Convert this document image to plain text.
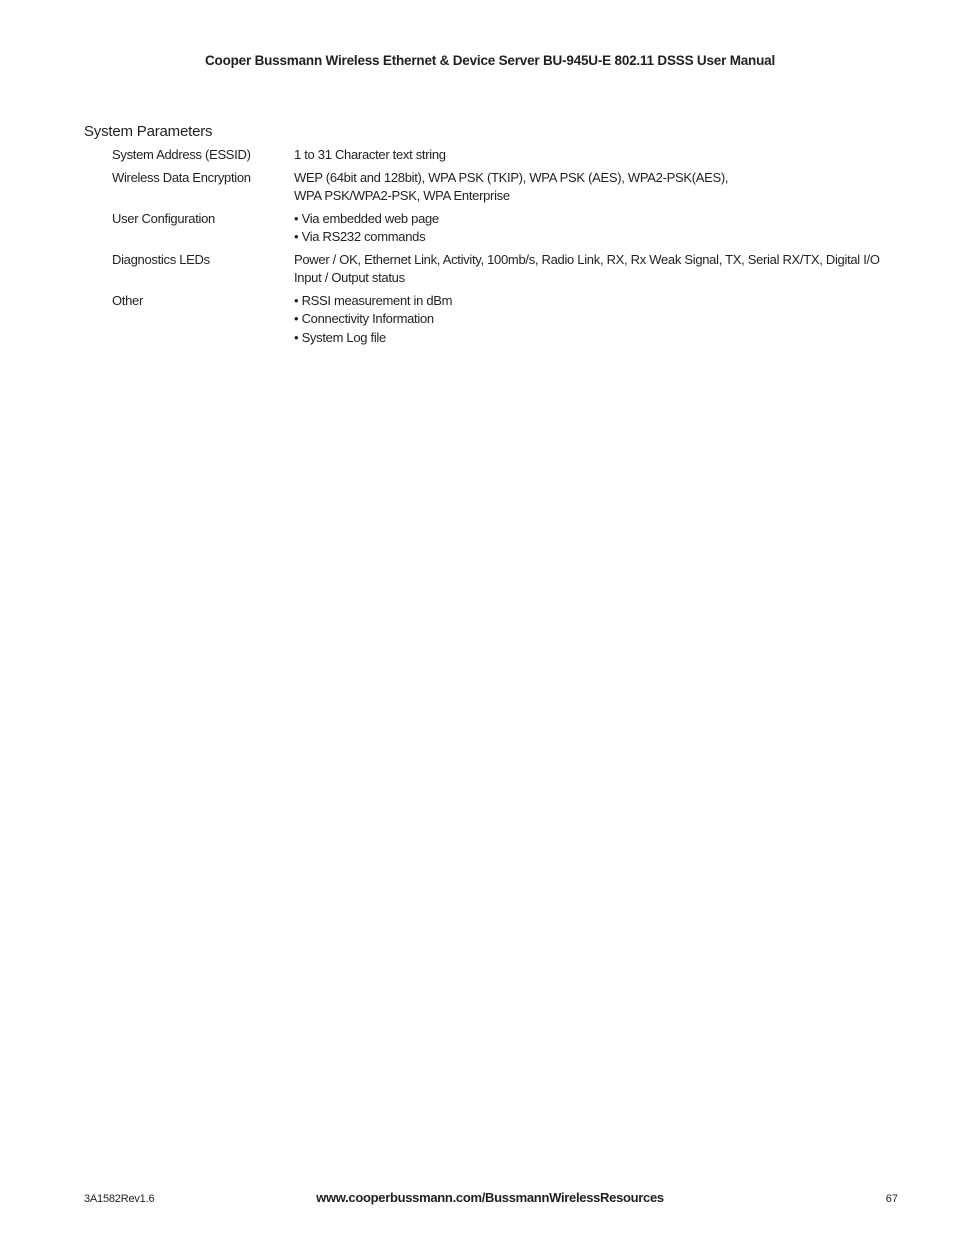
Cooper Bussmann Wireless Ethernet & Device Server BU-945U-E 802.11 DSSS User Manual
System Parameters
System Address (ESSID)	1 to 31 Character text string
Wireless Data Encryption	WEP (64bit and 128bit), WPA PSK (TKIP), WPA PSK (AES), WPA2-PSK(AES),
WPA PSK/WPA2-PSK, WPA Enterprise
User Configuration	• Via embedded web page
• Via RS232 commands
Diagnostics LEDs	Power / OK, Ethernet Link, Activity, 100mb/s, Radio Link, RX, Rx Weak Signal, TX, Serial RX/TX, Digital I/O
Input / Output status
Other	• RSSI measurement in dBm
• Connectivity Information
• System Log file
3A1582Rev1.6	www.cooperbussmann.com/BussmannWirelessResources	67
